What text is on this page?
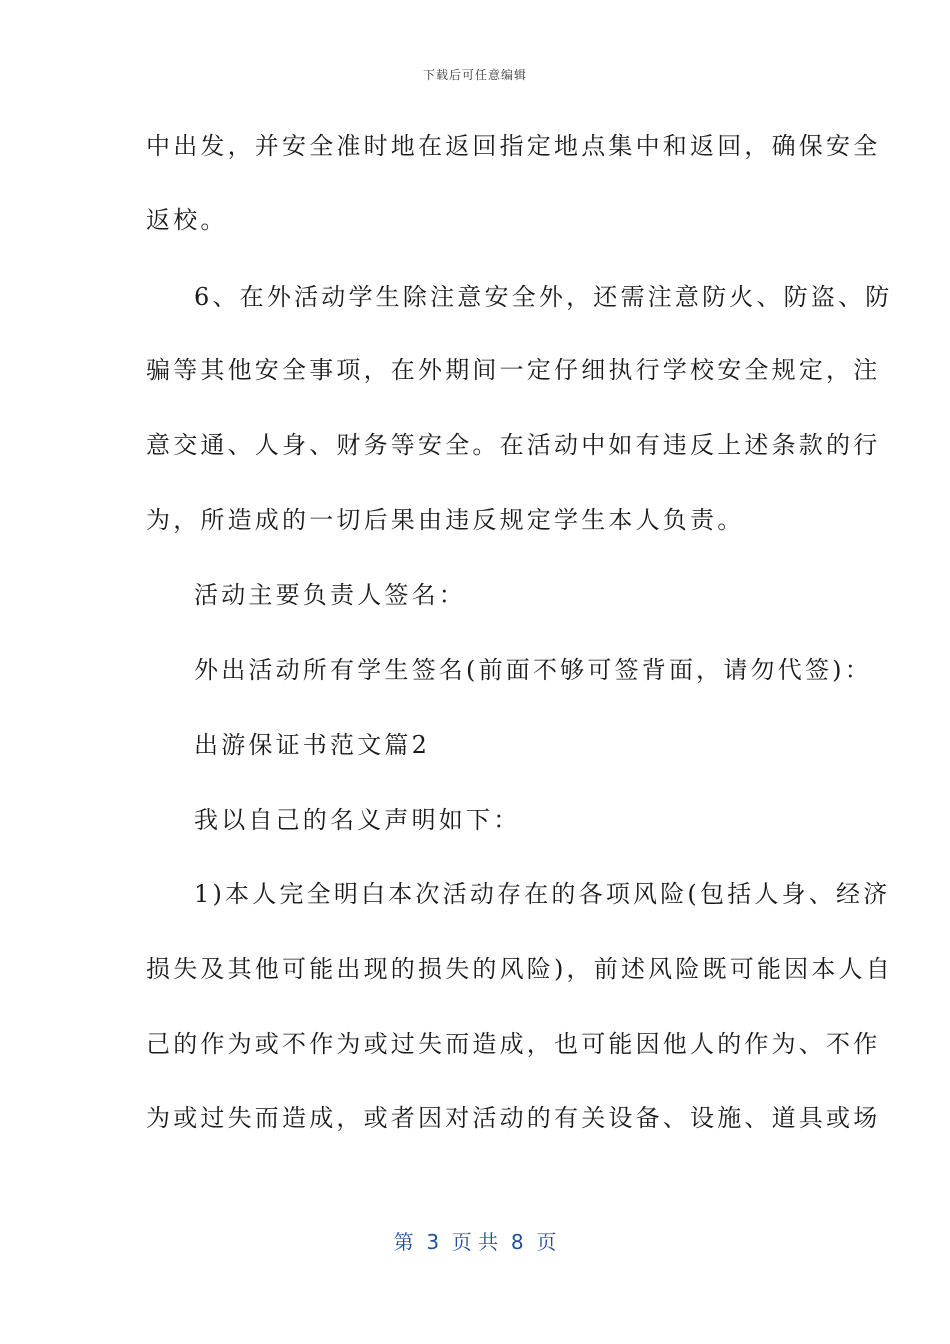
下载后可任意编辑
中出发，并安全准时地在返回指定地点集中和返回，确保安全
返校。
6、在外活动学生除注意安全外，还需注意防火、防盗、防
骗等其他安全事项，在外期间一定仔细执行学校安全规定，注
意交通、人身、财务等安全。在活动中如有违反上述条款的行
为，所造成的一切后果由违反规定学生本人负责。
活动主要负责人签名：
外出活动所有学生签名(前面不够可签背面，请勿代签)：
出游保证书范文篇2
我以自己的名义声明如下：
1)本人完全明白本次活动存在的各项风险(包括人身、经济
损失及其他可能出现的损失的风险)，前述风险既可能因本人自
己的作为或不作为或过失而造成，也可能因他人的作为、不作
为或过失而造成，或者因对活动的有关设备、设施、道具或场
第  3  页 共  8  页
